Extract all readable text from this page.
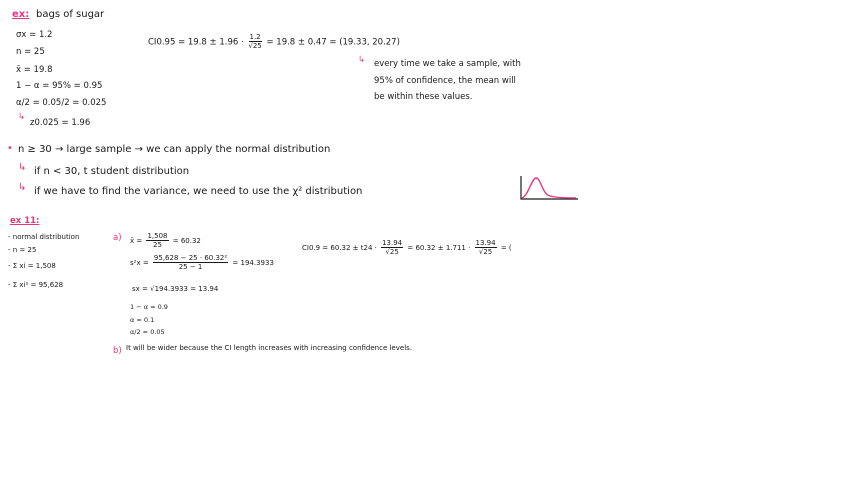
ex: bags of sugar
σx = 1.2
n = 25
x̄ = 19.8
1 − α = 95% = 0.95
α/2 = 0.05/2 = 0.025
↳
z0.025 = 1.96
$CI0.95 = 19.8 \pm 1.96 \cdot \frac{1.2}{√25} = 19.8 \pm 0.47 = (19.33$, 20.27)
↳ every time we take a sample, with
95% of confidence, the mean will
be within these values.
• n ≥ 30 → large sample → we can apply the normal distribution
↳ if n < 30, t student distribution
↳ if we have to find the variance, we need to use the χ² distribution
ex 11:
- normal distribution
- n = 25
- Σ xi = 1,508
- Σ xi² = 95,628
a) x̄ = $\frac{1,508}{25} = 60.32$
$s^2x = \frac{\text{95,628 − 25 · 60.32²}}{25 - 1} = 194.3933$
sx = √194.3933 = 13.94
1 − α = 0.9
α = 0.1
α/2 = 0.05
$CI0.9 = 60.32 \pm t24 \cdot \frac{13.94}{√25} = 60.32 \pm 1.711 \cdot \frac{13.94}{√25}$ = (
b) It will be wider because the CI length increases with increasing confidence levels.
